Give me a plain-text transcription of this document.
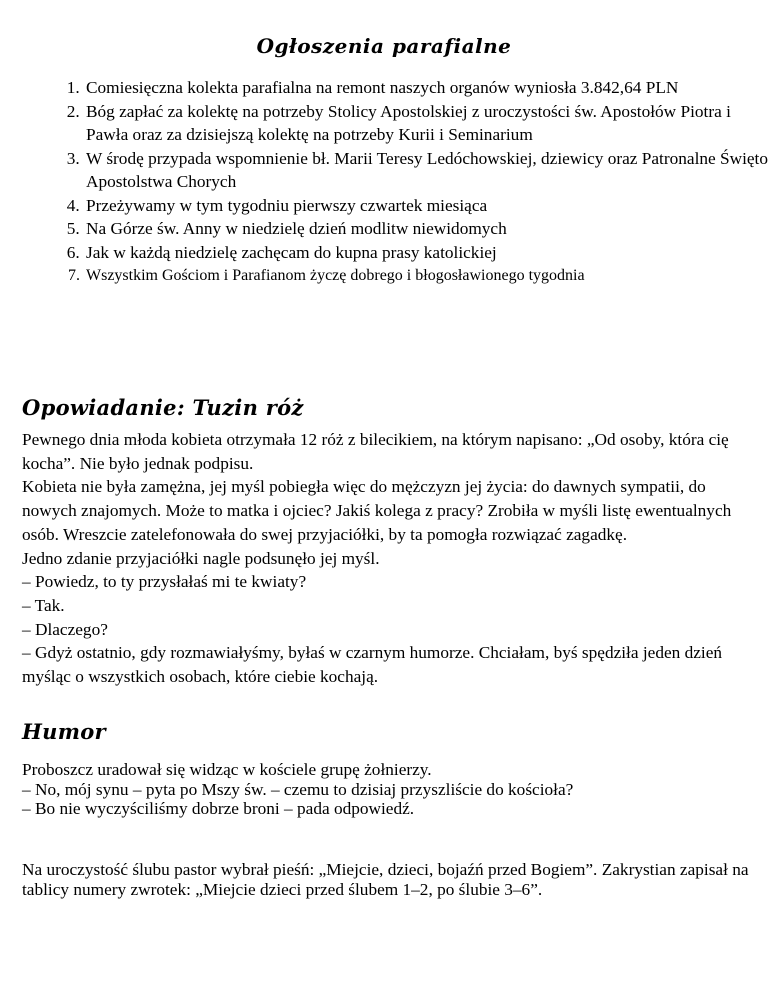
Ogłoszenia parafialne
1. Comiesięczna kolekta parafialna na remont naszych organów wyniosła 3.842,64 PLN
2. Bóg zapłać za kolektę na potrzeby Stolicy Apostolskiej z uroczystości św. Apostołów Piotra i Pawła oraz za dzisiejszą kolektę na potrzeby Kurii i Seminarium
3. W środę przypada wspomnienie bł. Marii Teresy Ledóchowskiej, dziewicy oraz Patronalne Święto Apostolstwa Chorych
4. Przeżywamy w tym tygodniu pierwszy czwartek miesiąca
5. Na Górze św. Anny w niedzielę dzień modlitw niewidomych
6. Jak w każdą niedzielę zachęcam do kupna prasy katolickiej
7. Wszystkim Gościom i Parafianom życzę dobrego i błogosławionego tygodnia
Opowiadanie: Tuzin róż

Pewnego dnia młoda kobieta otrzymała 12 róż z bilecikiem, na którym napisano: „Od osoby, która cię kocha”. Nie było jednak podpisu.

Kobieta nie była zamężna, jej myśl pobiegła więc do mężczyzn jej życia: do dawnych sympatii, do nowych znajomych. Może to matka i ojciec? Jakiś kolega z pracy? Zrobiła w myśli listę ewentualnych osób. Wreszcie zatelefonowała do swej przyjaciółki, by ta pomogła rozwiązać zagadkę.

Jedno zdanie przyjaciółki nagle podsunęło jej myśl.

– Powiedz, to ty przysłałaś mi te kwiaty?

– Tak.

– Dlaczego?

– Gdyż ostatnio, gdy rozmawiałyśmy, byłaś w czarnym humorze. Chciałam, byś spędziła jeden dzień myśląc o wszystkich osobach, które ciebie kochają.

Humor

Proboszcz uradował się widząc w kościele grupę żołnierzy.

– No, mój synu – pyta po Mszy św. – czemu to dzisiaj przyszliście do kościoła?

– Bo nie wyczyściliśmy dobrze broni – pada odpowiedź.

Na uroczystość ślubu pastor wybrał pieśń: „Miejcie, dzieci, bojaźń przed Bogiem”. Zakrystian zapisał na tablicy numery zwrotek: „Miejcie dzieci przed ślubem 1–2, po ślubie 3–6”.
